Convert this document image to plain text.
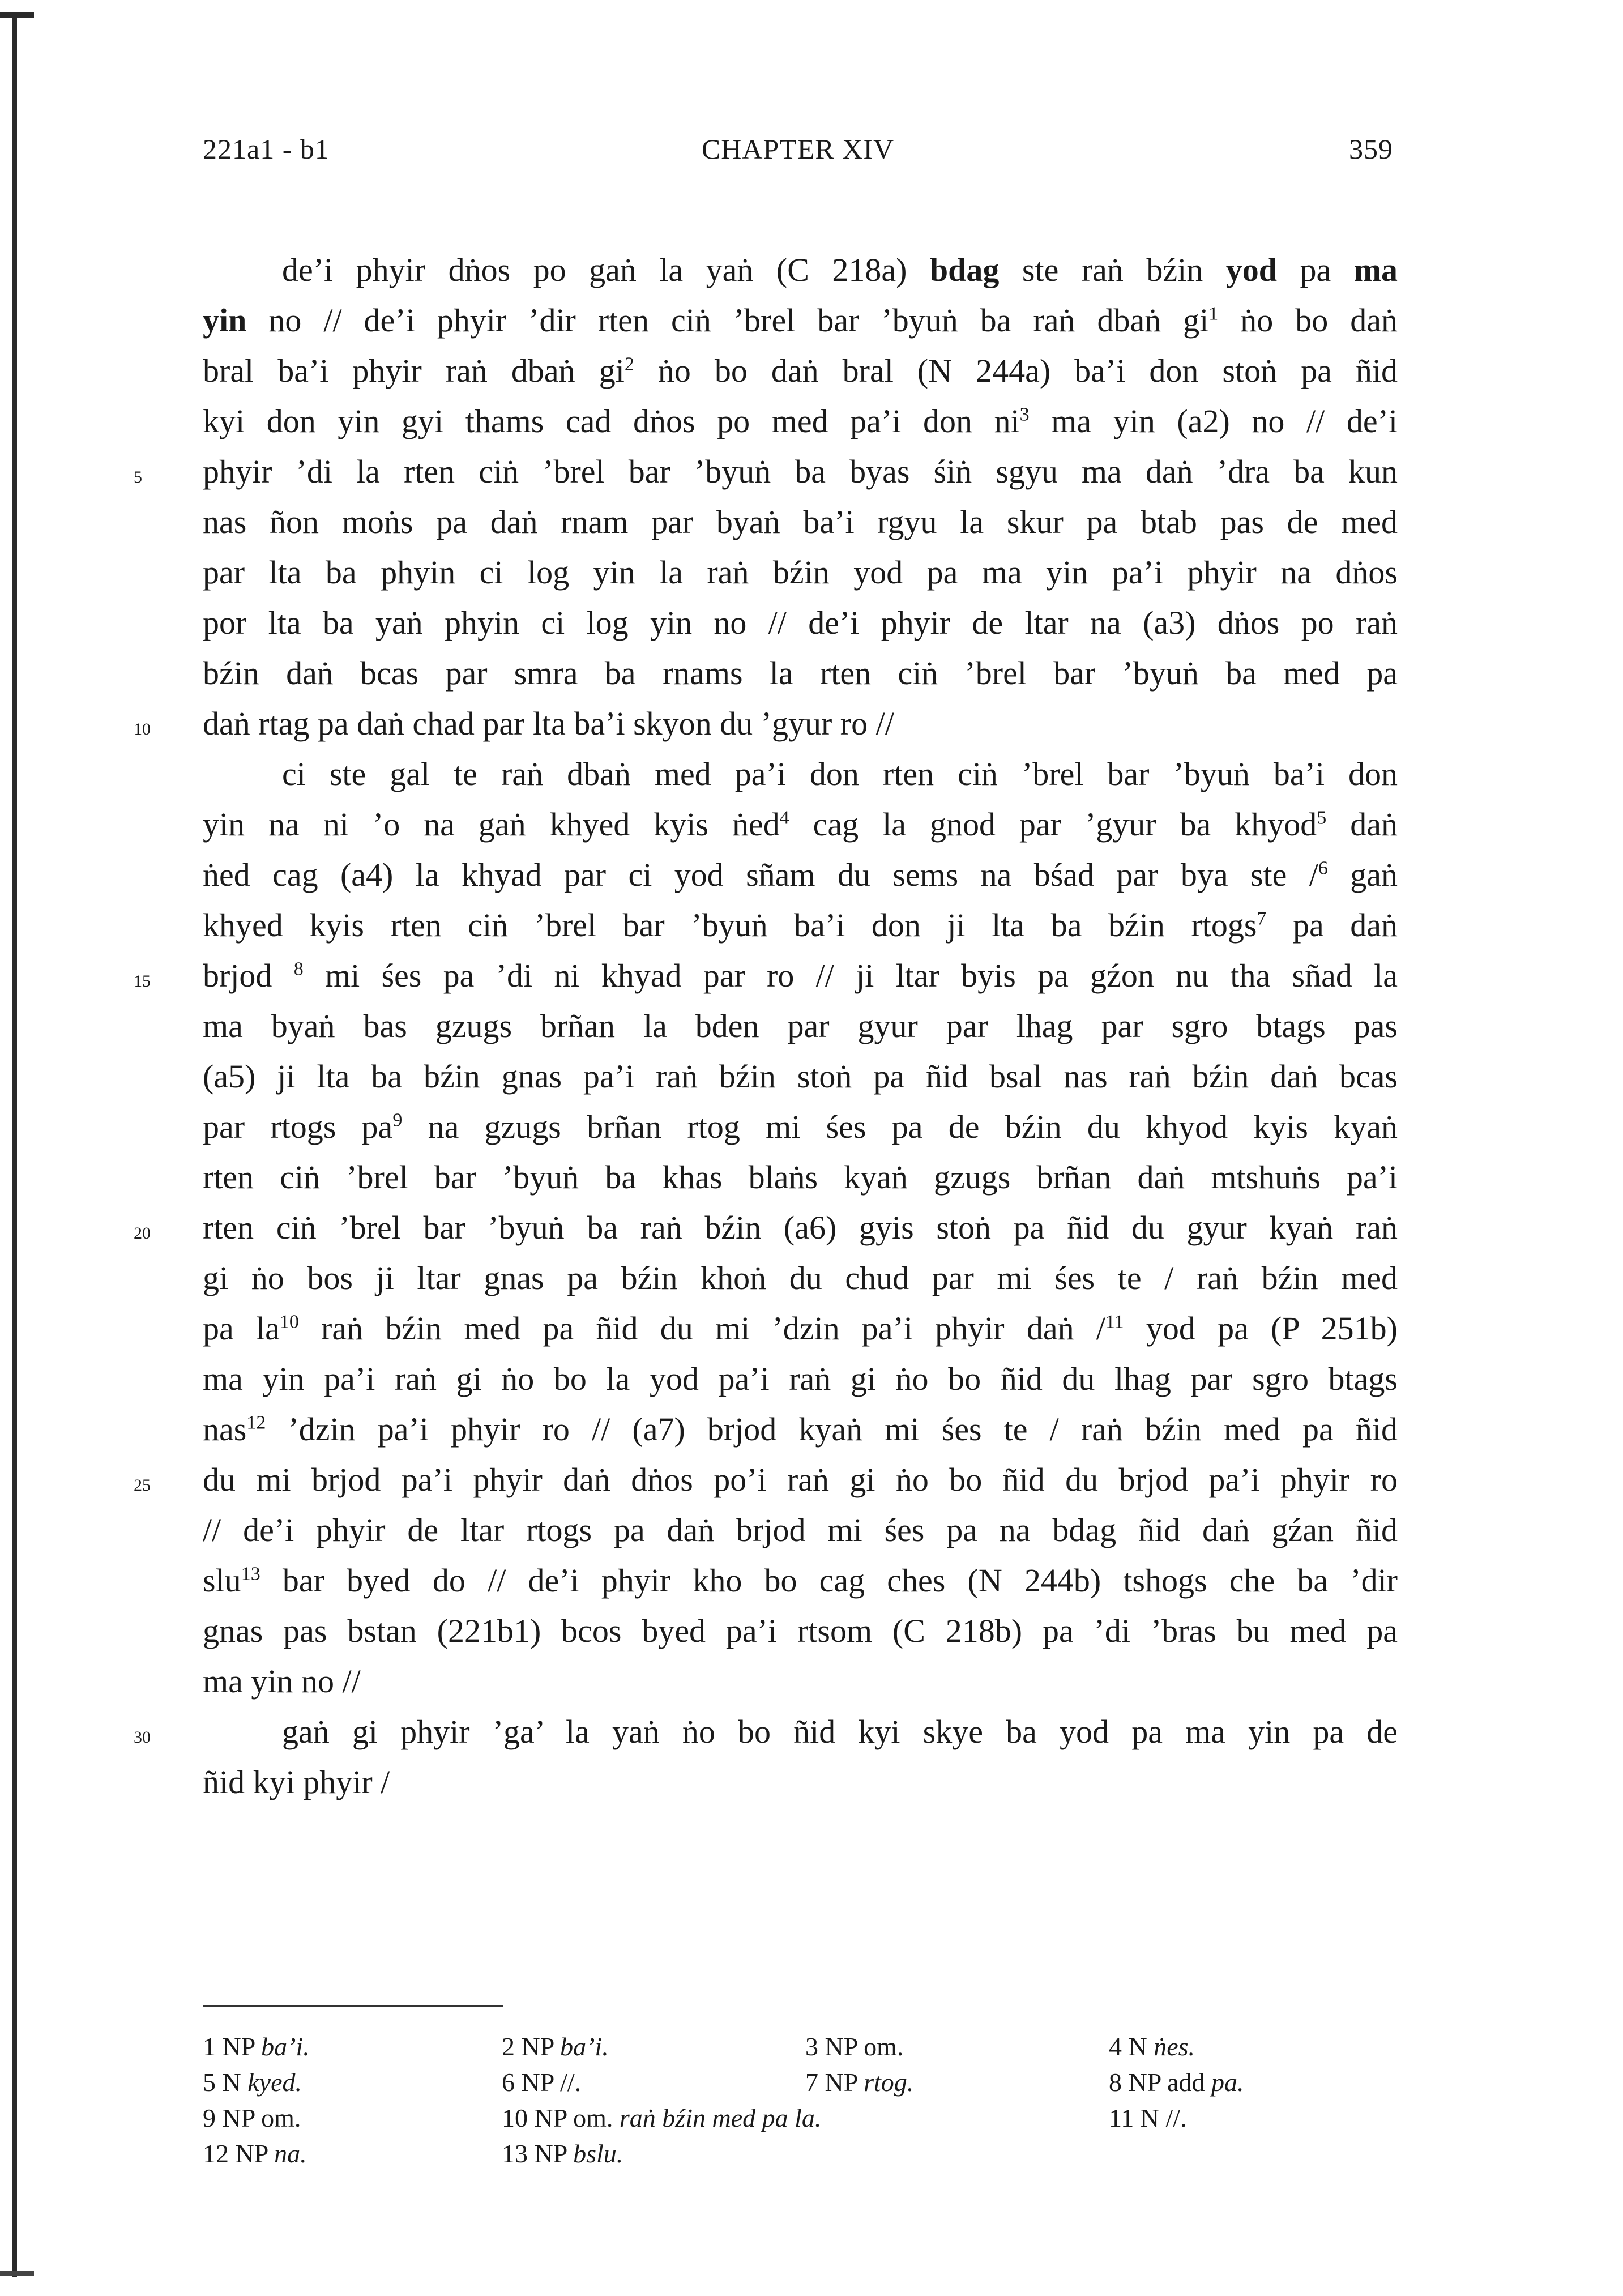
221a1 - b1	CHAPTER XIV	359
5
10
15
20
25
30
de’i phyir dṅos po gaṅ la yaṅ (C 218a) bdag ste raṅ bźin yod pa ma
yin no // de’i phyir ’dir rten ciṅ ’brel bar ’byuṅ ba raṅ dbaṅ $gi^1$ ṅo bo daṅ
bral ba’i phyir raṅ dbaṅ $gi^2$ ṅo bo daṅ bral (N 244a) ba’i don stoṅ pa ñid
kyi don yin gyi thams cad dṅos po med pa’i don $ni^3$ ma yin (a2) no // de’i
phyir ’di la rten ciṅ ’brel bar ’byuṅ ba byas śiṅ sgyu ma daṅ ’dra ba kun
nas ñon moṅs pa daṅ rnam par byaṅ ba’i rgyu la skur pa btab pas de med
par lta ba phyin ci log yin la raṅ bźin yod pa ma yin pa’i phyir na dṅos
por lta ba yaṅ phyin ci log yin no // de’i phyir de ltar na (a3) dṅos po raṅ
bźin daṅ bcas par smra ba rnams la rten ciṅ ’brel bar ’byuṅ ba med pa
daṅ rtag pa daṅ chad par lta ba’i skyon du ’gyur ro //
ci ste gal te raṅ dbaṅ med pa’i don rten ciṅ ’brel bar ’byuṅ ba’i don
yin na ni ’o na gaṅ khyed kyis ṅed$^4$ cag la gnod par ’gyur ba khyod$^5$ daṅ
ṅed cag (a4) la khyad par ci yod sñam du sems na bśad par bya ste /$^6$ gaṅ
khyed kyis rten ciṅ ’brel bar ’byuṅ ba’i don ji lta ba bźin rtogs$^7$ pa daṅ
brjod $^8$ mi śes pa ’di ni khyad par ro // ji ltar byis pa gźon nu tha sñad la
ma byaṅ bas gzugs brñan la bden par gyur par lhag par sgro btags pas
(a5) ji lta ba bźin gnas pa’i raṅ bźin stoṅ pa ñid bsal nas raṅ bźin daṅ bcas
par rtogs $pa^9$ na gzugs brñan rtog mi śes pa de bźin du khyod kyis kyaṅ
rten ciṅ ’brel bar ’byuṅ ba khas blaṅs kyaṅ gzugs brñan daṅ mtshuṅs pa’i
rten ciṅ ’brel bar ’byuṅ ba raṅ bźin (a6) gyis stoṅ pa ñid du gyur kyaṅ raṅ
gi ṅo bos ji ltar gnas pa bźin khoṅ du chud par mi śes te / raṅ bźin med
pa $la^{10}$ raṅ bźin med pa ñid du mi ’dzin pa’i phyir daṅ /$^{11}$ yod pa (P 251b)
ma yin pa’i raṅ gi ṅo bo la yod pa’i raṅ gi ṅo bo ñid du lhag par sgro btags
nas$^{12}$ ’dzin pa’i phyir ro // (a7) brjod kyaṅ mi śes te / raṅ bźin med pa ñid
du mi brjod pa’i phyir daṅ dṅos po’i raṅ gi ṅo bo ñid du brjod pa’i phyir ro
// de’i phyir de ltar rtogs pa daṅ brjod mi śes pa na bdag ñid daṅ gźan ñid
slu$^{13}$ bar byed do // de’i phyir kho bo cag ches (N 244b) tshogs che ba ’dir
gnas pas bstan (221b1) bcos byed pa’i rtsom (C 218b) pa ’di ’bras bu med pa
ma yin no //
gaṅ gi phyir ’ga’ la yaṅ ṅo bo ñid kyi skye ba yod pa ma yin pa de
ñid kyi phyir /
1 NP ba’i.	2 NP ba’i.	3 NP om.	4 N ṅes.
5 N kyed.	6 NP //.	7 NP rtog.	8 NP add pa.
9 NP om.	10 NP om. raṅ bźin med pa la.	11 N //.
12 NP na.	13 NP bslu.
